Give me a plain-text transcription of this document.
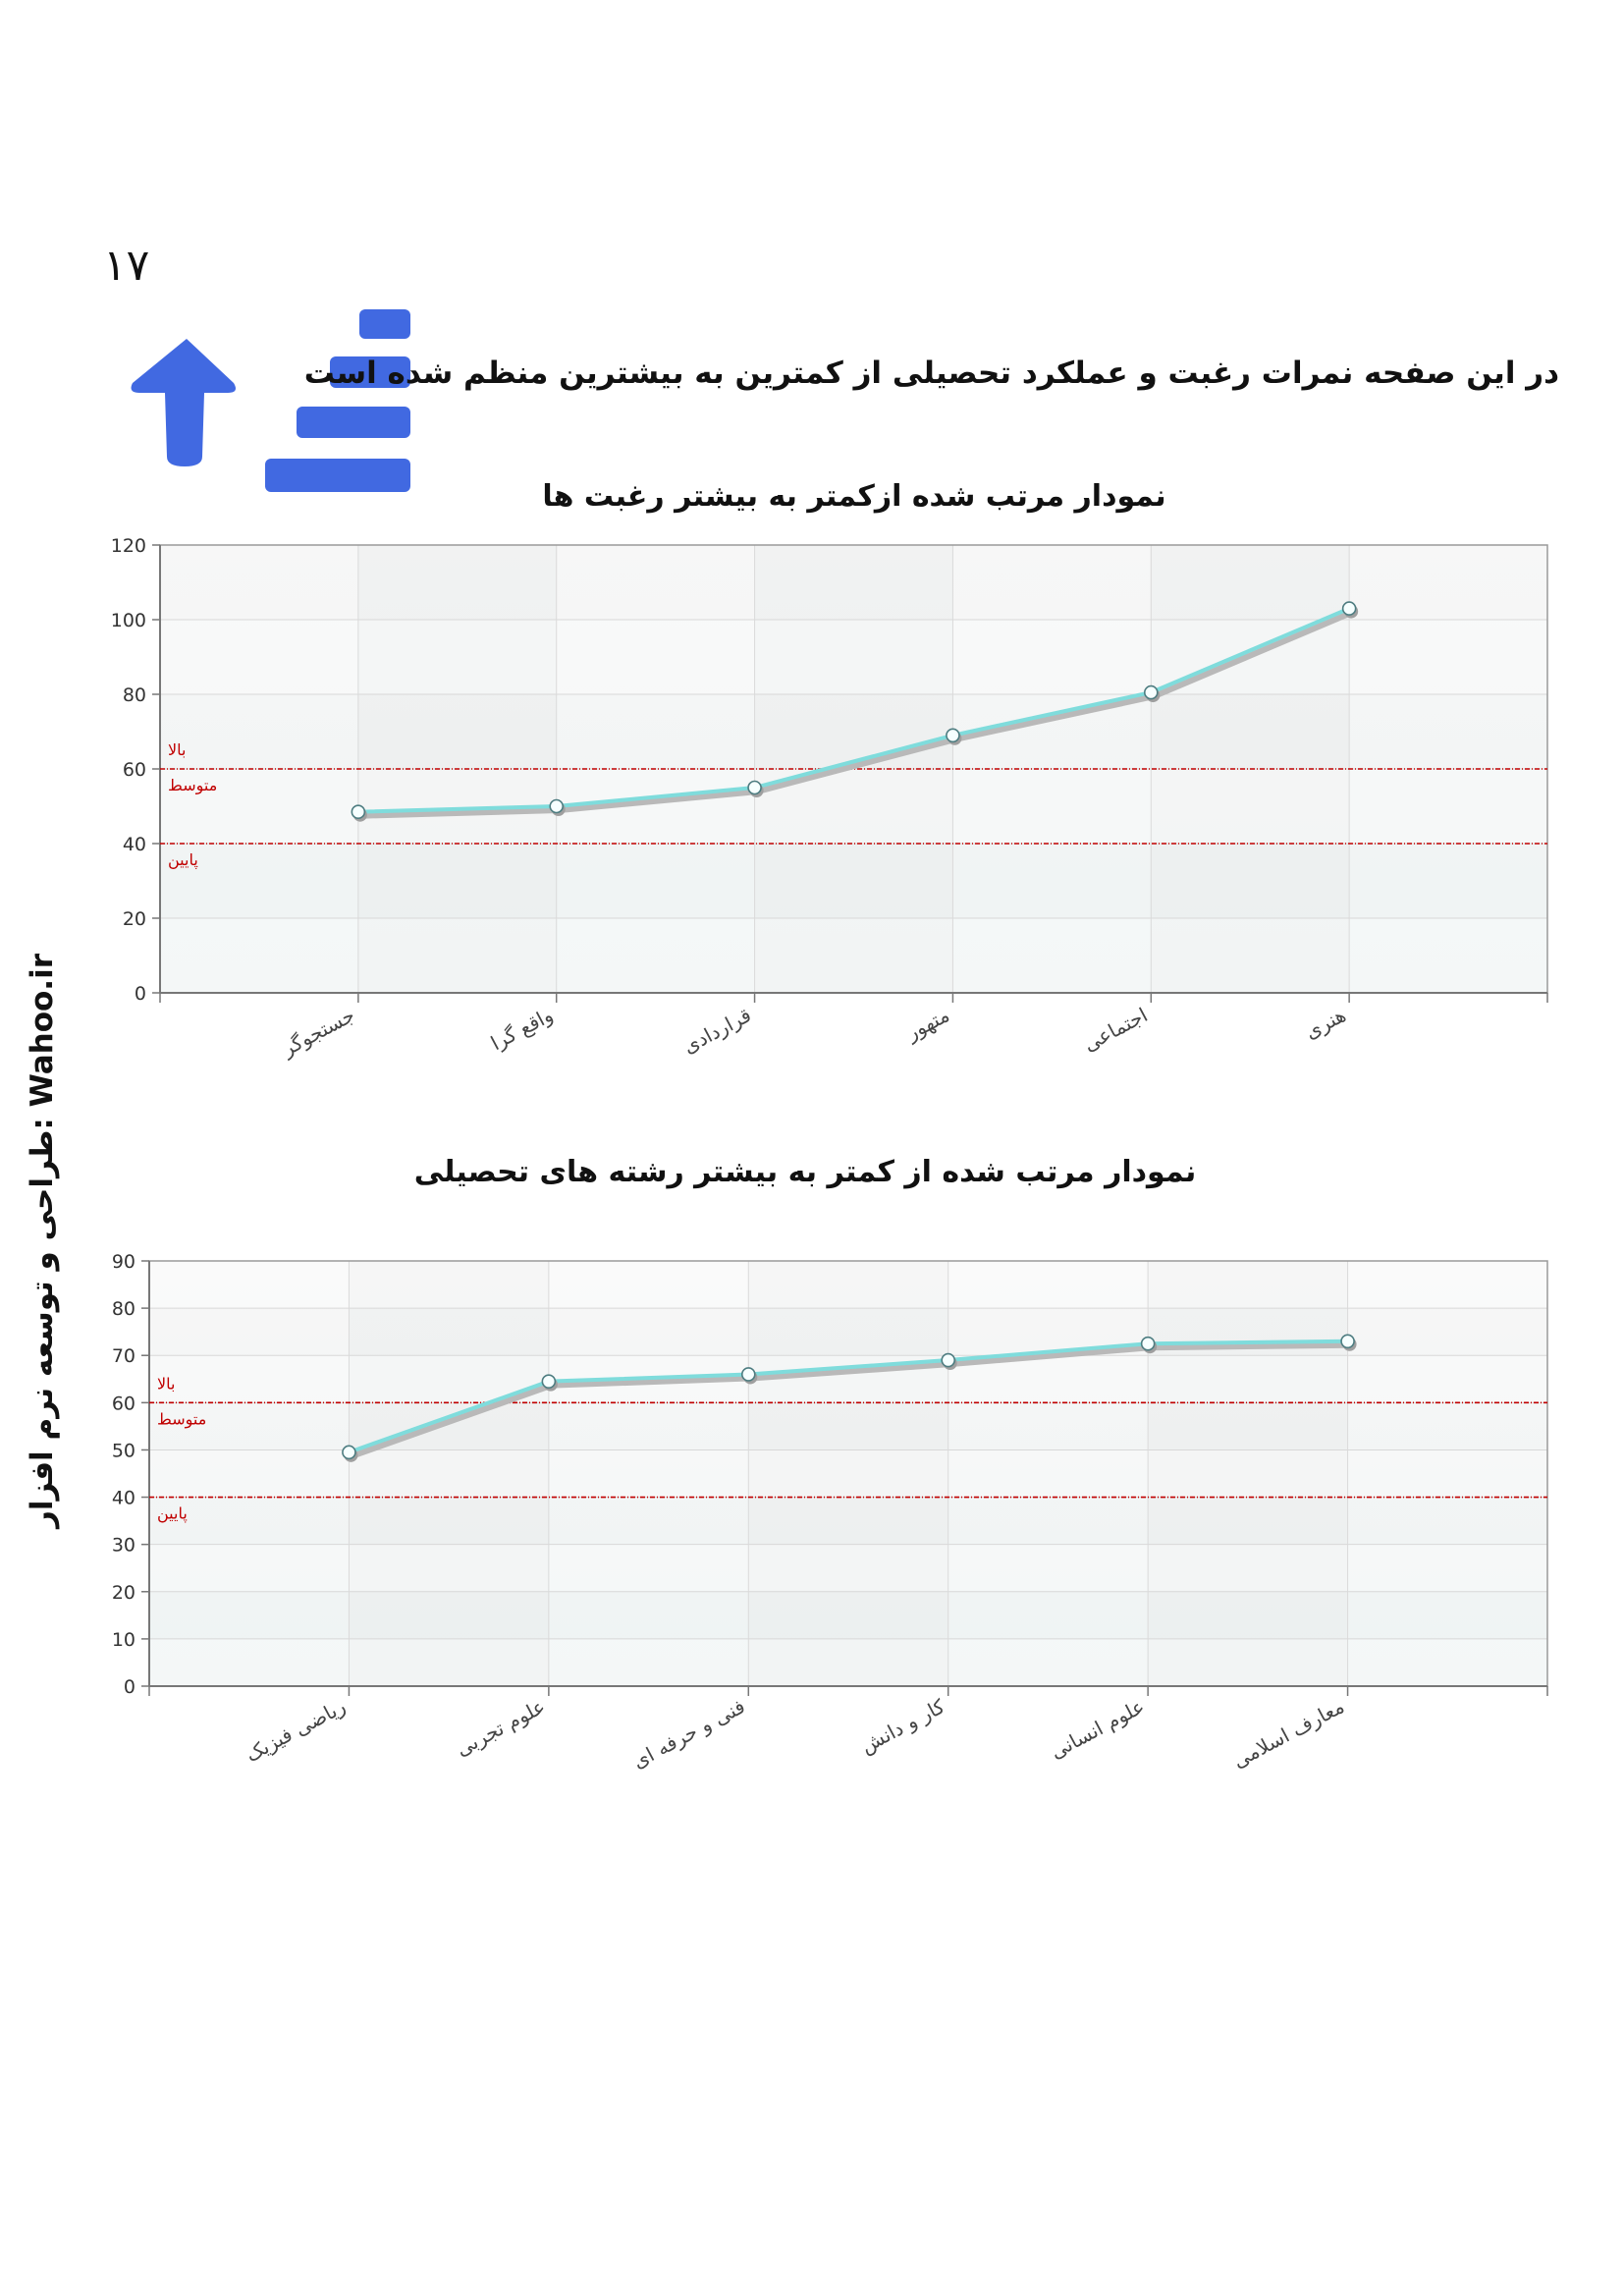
۱۷
در این صفحه نمرات رغبت و عملکرد تحصیلی از کمترین به بیشترین منظم شده است
نمودار مرتب شده ازکمتر به بیشتر رغبت ها
0
20
40
60
80
100
120
بالا
متوسط
پایین
جستجوگر	واقع گرا	قراردادی	متهور	اجتماعی	هنری
نمودار مرتب شده از کمتر به بیشتر رشته های تحصیلی
0
10
20
30
40
50
60
70
80
90
بالا
متوسط
پایین
ریاضی فیزیک	علوم تجربی	فنی و حرفه ای	کار و دانش	علوم انسانی	معارف اسلامی
طراحی و توسعه نرم افزار: Wahoo.ir
